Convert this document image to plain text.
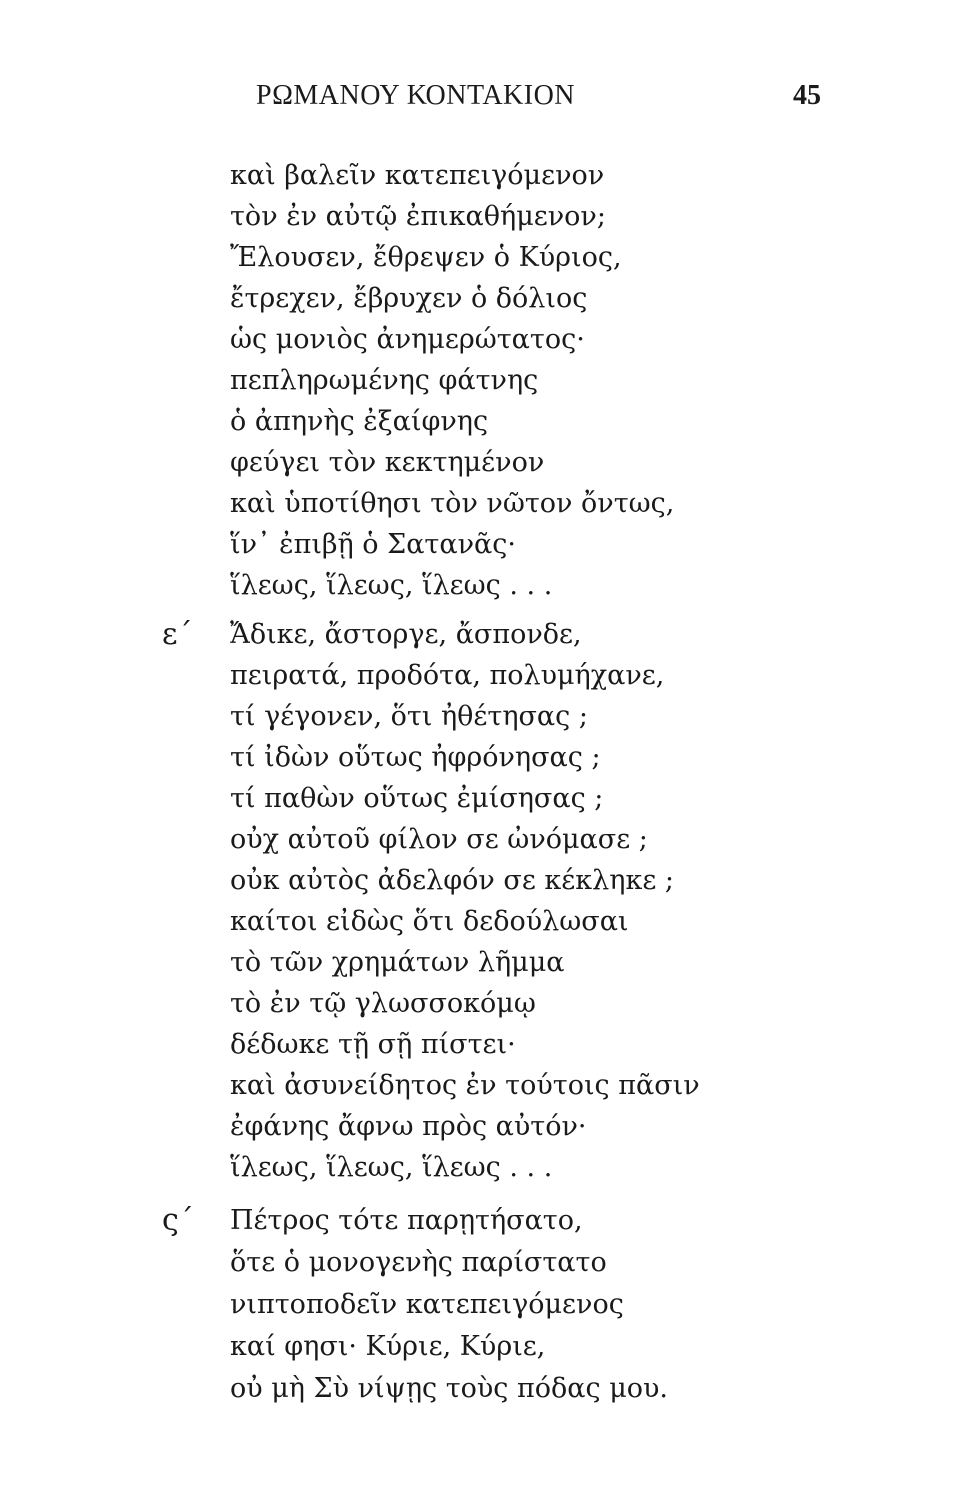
ΡΩΜΑΝΟΥ ΚΟΝΤΑΚΙΟΝ	45
καὶ βαλεῖν κατεπειγόμενον
τὸν ἐν αὐτῷ ἐπικαθήμενον;
Ἔλουσεν, ἔθρεψεν ὁ Κύριος,
ἔτρεχεν, ἔβρυχεν ὁ δόλιος
ὡς μονιὸς ἀνημερώτατος·
πεπληρωμένης φάτνης
ὁ ἀπηνὴς ἐξαίφνης
φεύγει τὸν κεκτημένον
καὶ ὑποτίθησι τὸν νῶτον ὄντως,
ἵν᾽ ἐπιβῇ ὁ Σατανᾶς·
ἵλεως, ἵλεως, ἵλεως . . .
ε´ Ἄδικε, ἄστοργε, ἄσπονδε,
πειρατά, προδότα, πολυμήχανε,
τί γέγονεν, ὅτι ἠθέτησας ;
τί ἰδὼν οὕτως ἠφρόνησας ;
τί παθὼν οὕτως ἐμίσησας ;
οὐχ αὐτοῦ φίλον σε ὠνόμασε ;
οὐκ αὐτὸς ἀδελφόν σε κέκληκε ;
καίτοι εἰδὼς ὅτι δεδούλωσαι
τὸ τῶν χρημάτων λῆμμα
τὸ ἐν τῷ γλωσσοκόμῳ
δέδωκε τῇ σῇ πίστει·
καὶ ἀσυνείδητος ἐν τούτοις πᾶσιν
ἐφάνης ἄφνω πρὸς αὐτόν·
ἵλεως, ἵλεως, ἵλεως . . .
ς´ Πέτρος τότε παρῃτήσατο,
ὅτε ὁ μονογενὴς παρίστατο
νιπτοποδεῖν κατεπειγόμενος
καί φησι· Κύριε, Κύριε,
οὐ μὴ Σὺ νίψῃς τοὺς πόδας μου.
